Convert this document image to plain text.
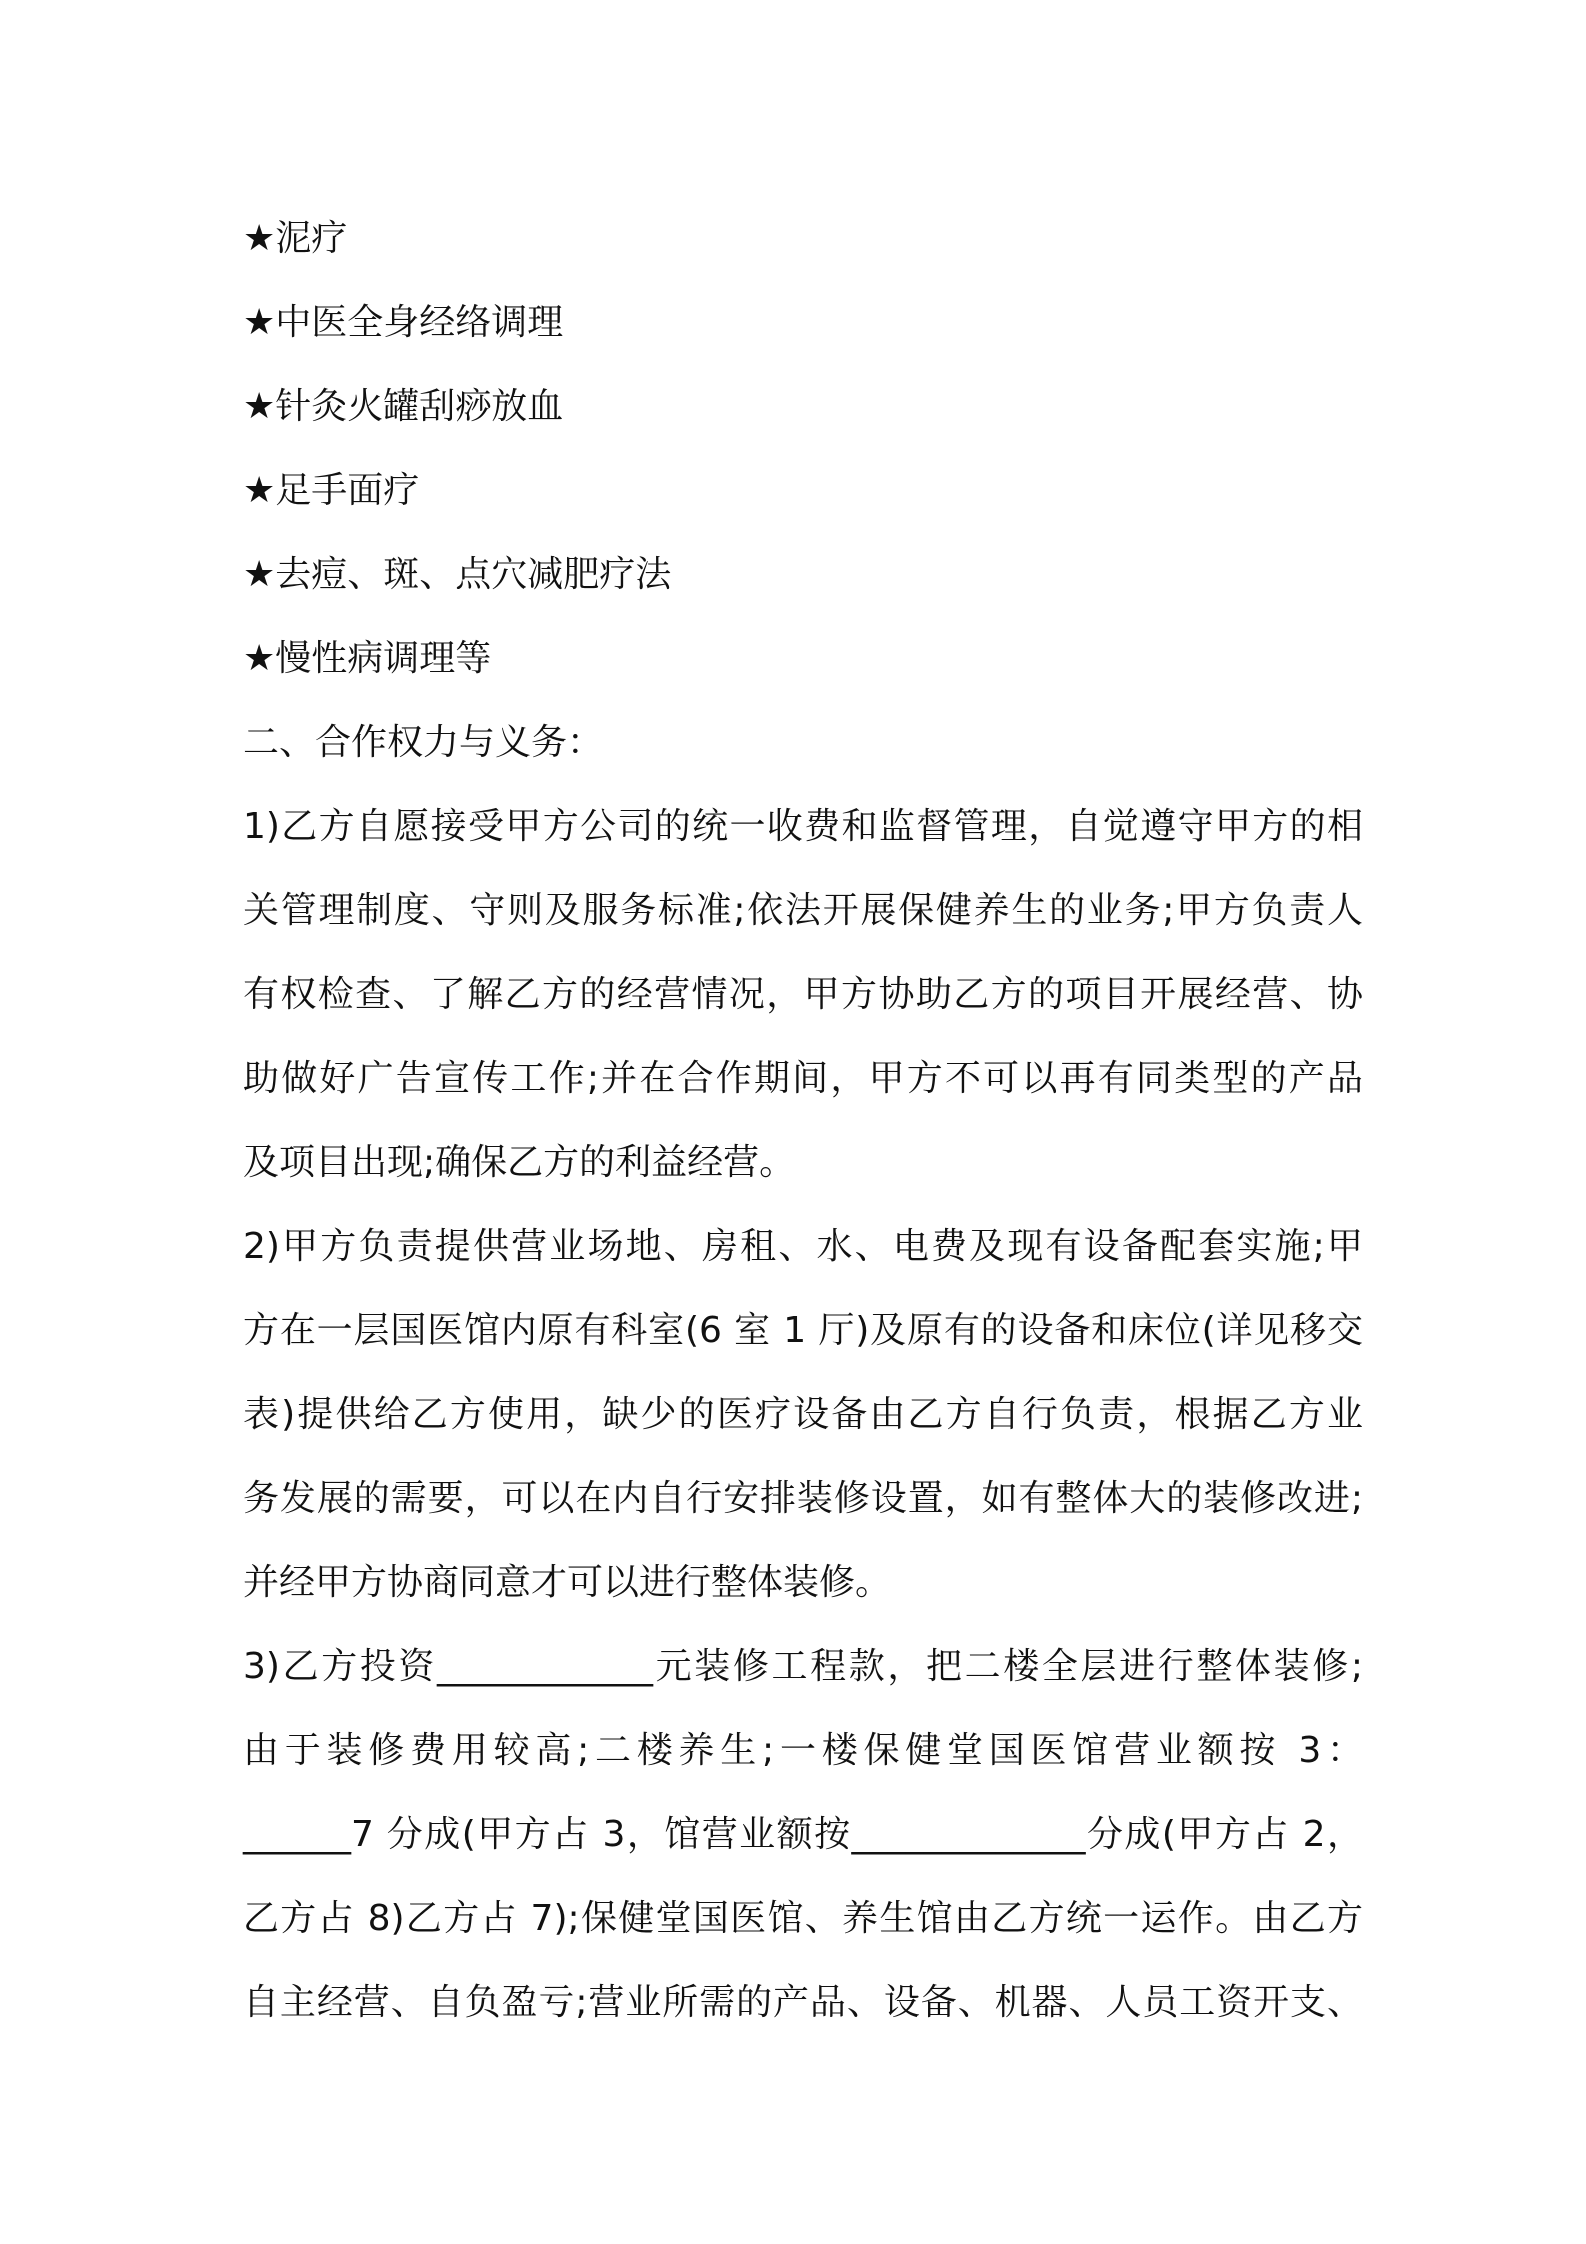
★泥疗
★中医全身经络调理
★针灸火罐刮痧放血
★足手面疗
★去痘、斑、点穴减肥疗法
★慢性病调理等
二、合作权力与义务：
1)乙方自愿接受甲方公司的统一收费和监督管理，自觉遵守甲方的相
关管理制度、守则及服务标准;依法开展保健养生的业务;甲方负责人
有权检查、了解乙方的经营情况，甲方协助乙方的项目开展经营、协
助做好广告宣传工作;并在合作期间，甲方不可以再有同类型的产品
及项目出现;确保乙方的利益经营。
2)甲方负责提供营业场地、房租、水、电费及现有设备配套实施;甲
方在一层国医馆内原有科室(6 室 1 厅)及原有的设备和床位(详见移交
表)提供给乙方使用，缺少的医疗设备由乙方自行负责，根据乙方业
务发展的需要，可以在内自行安排装修设置，如有整体大的装修改进;
并经甲方协商同意才可以进行整体装修。
3)乙方投资____________元装修工程款，把二楼全层进行整体装修;
由于装修费用较高;二楼养生;一楼保健堂国医馆营业额按 3：
______7 分成(甲方占 3，馆营业额按_____________分成(甲方占 2，
乙方占 8)乙方占 7);保健堂国医馆、养生馆由乙方统一运作。由乙方
自主经营、自负盈亏;营业所需的产品、设备、机器、人员工资开支、
